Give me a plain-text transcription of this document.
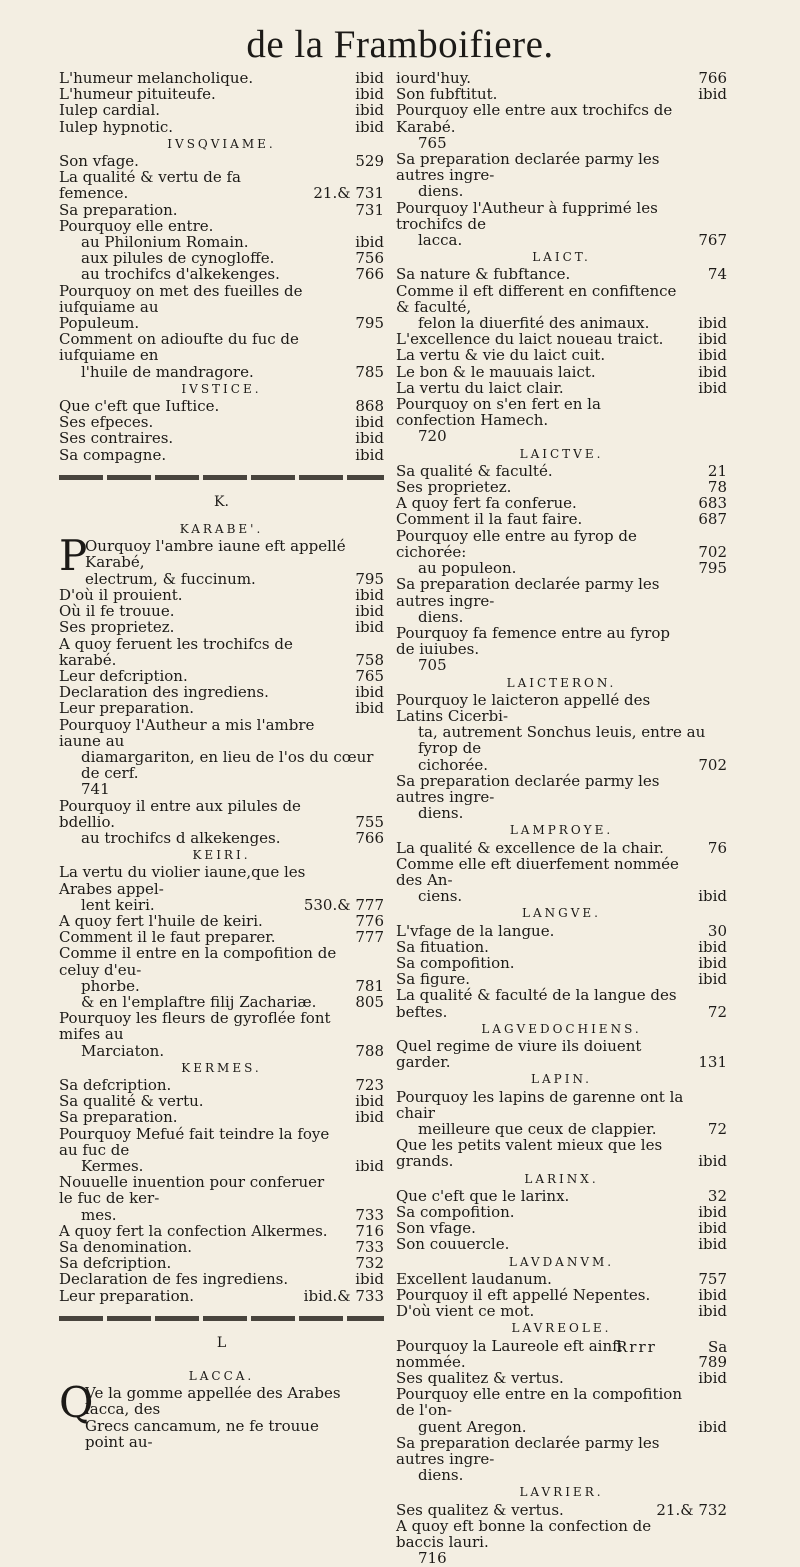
de la Framboifiere.
L'humeur melancholique.	ibid
L'humeur pituiteufe.	ibid
Iulep cardial.	ibid
Iulep hypnotic.	ibid
IVSQVIAME.
Son vfage.	529
La qualité & vertu de fa femence.	21.& 731
Sa preparation.	731
Pourquoy elle entre.
au Philonium Romain.	ibid
aux pilules de cynogloffe.	756
au trochifcs d'alkekenges.	766
Pourquoy on met des fueilles de iufquiame au
Populeum.	795
Comment on adioufte du fuc de iufquiame en
l'huile de mandragore.	785
IVSTICE.
Que c'eft que Iuftice.	868
Ses efpeces.	ibid
Ses contraires.	ibid
Sa compagne.	ibid
K.
KARABE'.
P
Ourquoy l'ambre iaune eft appellé Karabé,
electrum, & fuccinum.	795
D'où il prouient.	ibid
Où il fe trouue.	ibid
Ses proprietez.	ibid
A quoy feruent les trochifcs de karabé.	758
Leur defcription.	765
Declaration des ingrediens.	ibid
Leur preparation.	ibid
Pourquoy l'Autheur a mis l'ambre iaune au
diamargariton, en lieu de l'os du cœur de cerf.
741
Pourquoy il entre aux pilules de bdellio.	755
au trochifcs d alkekenges.	766
KEIRI.
La vertu du violier iaune,que les Arabes appel-
lent keiri.	530.& 777
A quoy fert l'huile de keiri.	776
Comment il le faut preparer.	777
Comme il entre en la compofition de celuy d'eu-
phorbe.	781
& en l'emplaftre filij Zachariæ.	805
Pourquoy les fleurs de gyroflée font mifes au
Marciaton.	788
KERMES.
Sa defcription.	723
Sa qualité & vertu.	ibid
Sa preparation.	ibid
Pourquoy Mefué fait teindre la foye au fuc de
Kermes.	ibid
Nouuelle inuention pour conferuer le fuc de ker-
mes.	733
A quoy fert la confection Alkermes.	716
Sa denomination.	733
Sa defcription.	732
Declaration de fes ingrediens.	ibid
Leur preparation.	ibid.& 733
L
LACCA.
Q
Ve la gomme appellée des Arabes lacca, des
Grecs cancamum, ne fe trouue point au-
iourd'huy.	766
Son fubftitut.	ibid
Pourquoy elle entre aux trochifcs de Karabé.
765
Sa preparation declarée parmy les autres ingre-
diens.
Pourquoy l'Autheur à fupprimé les trochifcs de
lacca.	767
LAICT.
Sa nature & fubftance.	74
Comme il eft different en confiftence & faculté,
felon la diuerfité des animaux.	ibid
L'excellence du laict noueau traict.	ibid
La vertu & vie du laict cuit.	ibid
Le bon & le mauuais laict.	ibid
La vertu du laict clair.	ibid
Pourquoy on s'en fert en la confection Hamech.
720
LAICTVE.
Sa qualité & faculté.	21
Ses proprietez.	78
A quoy fert fa conferue.	683
Comment il la faut faire.	687
Pourquoy elle entre au fyrop de cichorée:	702
au populeon.	795
Sa preparation declarée parmy les autres ingre-
diens.
Pourquoy fa femence entre au fyrop de iuiubes.
705
LAICTERON.
Pourquoy le laicteron appellé des Latins Cicerbi-
ta, autrement Sonchus leuis, entre au fyrop de
cichorée.	702
Sa preparation declarée parmy les autres ingre-
diens.
LAMPROYE.
La qualité & excellence de la chair.	76
Comme elle eft diuerfement nommée des An-
ciens.	ibid
LANGVE.
L'vfage de la langue.	30
Sa fituation.	ibid
Sa compofition.	ibid
Sa figure.	ibid
La qualité & faculté de la langue des beftes.	72
LAGVEDOCHIENS.
Quel regime de viure ils doiuent garder.	131
LAPIN.
Pourquoy les lapins de garenne ont la chair
meilleure que ceux de clappier.	72
Que les petits valent mieux que les grands.	ibid
LARINX.
Que c'eft que le larinx.	32
Sa compofition.	ibid
Son vfage.	ibid
Son couuercle.	ibid
LAVDANVM.
Excellent laudanum.	757
Pourquoy il eft appellé Nepentes.	ibid
D'où vient ce mot.	ibid
LAVREOLE.
Pourquoy la Laureole eft ainfi nommée.	789
Ses qualitez & vertus.	ibid
Pourquoy elle entre en la compofition de l'on-
guent Aregon.	ibid
Sa preparation declarée parmy les autres ingre-
diens.
LAVRIER.
Ses qualitez & vertus.	21.& 732
A quoy eft bonne la confection de baccis lauri.
716
Rrrr	Sa
